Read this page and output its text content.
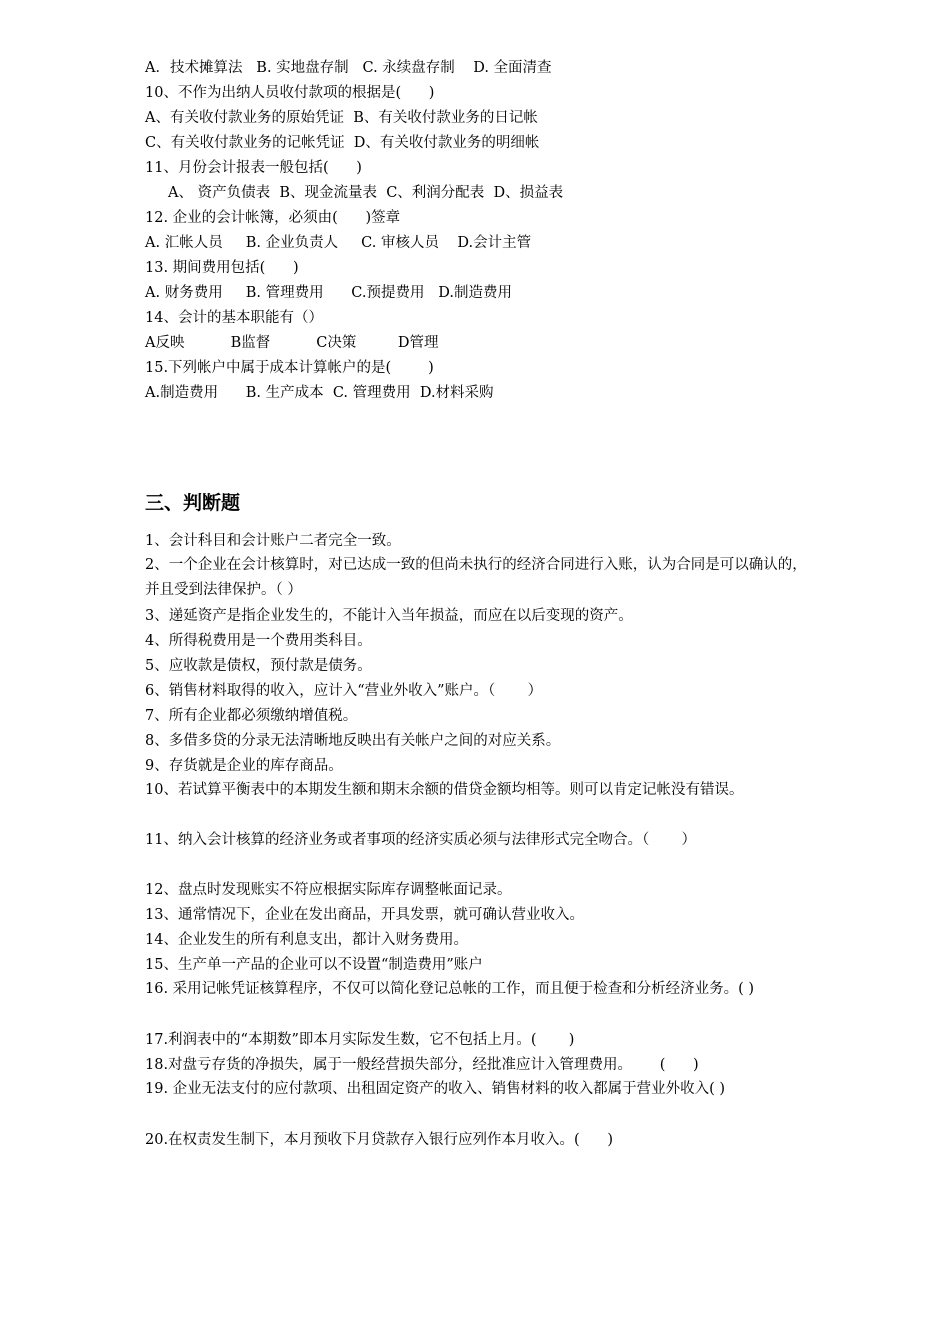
A．技术摊算法   B. 实地盘存制   C. 永续盘存制    D. 全面清查
10、不作为出纳人员收付款项的根据是(      )
A、有关收付款业务的原始凭证  B、有关收付款业务的日记帐
C、有关收付款业务的记帐凭证  D、有关收付款业务的明细帐
11、月份会计报表一般包括(      )
A、 资产负债表  B、现金流量表  C、利润分配表  D、损益表
12. 企业的会计帐簿，必须由(      )签章
A. 汇帐人员     B. 企业负责人     C. 审核人员    D.会计主管
13. 期间费用包括(      )
A. 财务费用     B. 管理费用      C.预提费用   D.制造费用
14、会计的基本职能有（）
A反映          B监督          C决策         D管理
15.下列帐户中属于成本计算帐户的是(        )
A.制造费用      B. 生产成本  C. 管理费用  D.材料采购
三、判断题
1、会计科目和会计账户二者完全一致。
2、一个企业在会计核算时，对已达成一致的但尚未执行的经济合同进行入账，认为合同是可以确认的，并且受到法律保护。（ ）
3、递延资产是指企业发生的，不能计入当年损益，而应在以后变现的资产。
4、所得税费用是一个费用类科目。
5、应收款是债权，预付款是债务。
6、销售材料取得的收入，应计入“营业外收入”账户。（       ）
7、所有企业都必须缴纳增值税。
8、多借多贷的分录无法清晰地反映出有关帐户之间的对应关系。
9、存货就是企业的库存商品。
10、若试算平衡表中的本期发生额和期末余额的借贷金额均相等。则可以肯定记帐没有错误。
11、纳入会计核算的经济业务或者事项的经济实质必须与法律形式完全吻合。（       ）
12、盘点时发现账实不符应根据实际库存调整帐面记录。
13、通常情况下，企业在发出商品，开具发票，就可确认营业收入。
14、企业发生的所有利息支出，都计入财务费用。
15、生产单一产品的企业可以不设置“制造费用”账户
16. 采用记帐凭证核算程序，不仅可以简化登记总帐的工作，而且便于检查和分析经济业务。( )
17.利润表中的“本期数”即本月实际发生数，它不包括上月。(       )
18.对盘亏存货的净损失，属于一般经营损失部分，经批准应计入管理费用。      (      )
19. 企业无法支付的应付款项、出租固定资产的收入、销售材料的收入都属于营业外收入( )
20.在权责发生制下，本月预收下月贷款存入银行应列作本月收入。(      )
